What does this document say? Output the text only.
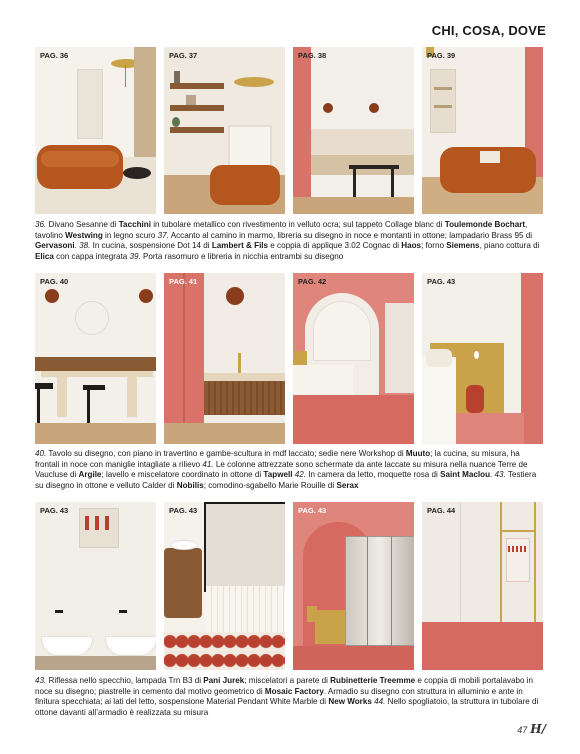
CHI, COSA, DOVE
PAG. 36	PAG. 37	PAG. 38	PAG. 39
36. Divano Sesanne di Tacchini in tubolare metallico con rivestimento in velluto ocra; sul tappeto Collage blanc di Toulemonde Bochart, tavolino Westwing in legno scuro 37. Accanto al camino in marmo, libreria su disegno in noce e montanti in ottone; lampadario Brass 95 di Gervasoni. 38. In cucina, sospensione Dot 14 di Lambert & Fils e coppia di applique 3.02 Cognac di Haos; forno Siemens, piano cottura di Elica con cappa integrata 39. Porta rasomuro e libreria in nicchia entrambi su disegno
PAG. 40	PAG. 41	PAG. 42	PAG. 43
40. Tavolo su disegno, con piano in travertino e gambe-scultura in mdf laccato; sedie nere Workshop di Muuto; la cucina, su misura, ha frontali in noce con maniglie intagliate a rilievo 41. Le colonne attrezzate sono schermate da ante laccate su misura nella nuance Terre de Vaucluse di Argile; lavello e miscelatore coordinato in ottone di Tapwell 42. In camera da letto, moquette rosa di Saint Maclou. 43. Testiera su disegno in ottone e velluto Calder di Nobilis; comodino-sgabello Marie Rouille di Serax
PAG. 43	PAG. 43	PAG. 43	PAG. 44
43. Riflessa nello specchio, lampada Trn B3 di Pani Jurek; miscelatori a parete di Rubinetterie Treemme e coppia di mobili portalavabo in noce su disegno; piastrelle in cemento dal motivo geometrico di Mosaic Factory. Armadio su disegno con struttura in alluminio e ante in finitura specchiata; ai lati del letto, sospensione Material Pendant White Marble di New Works 44. Nello spogliatoio, la struttura in tubolare di ottone davanti all’armadio è realizzata su misura
47 H/
